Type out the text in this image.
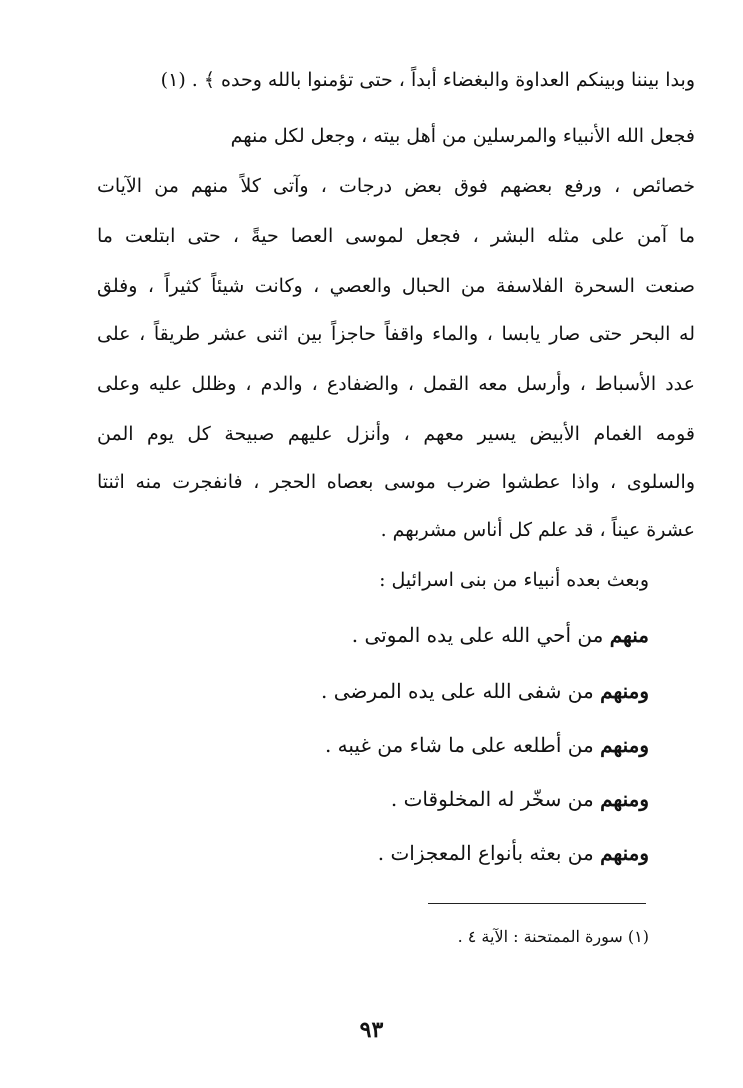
وبدا بيننا وبينكم العداوة والبغضاء أبداً ، حتى تؤمنوا بالله وحده ﴾ . (١)
فجعل الله الأنبياء والمرسلين من أهل بيته ، وجعل لكل منهم
خصائص ، ورفع بعضهم فوق بعض درجات ، وآتى كلاً منهم من الآيات
ما آمن على مثله البشر ، فجعل لموسى العصا حيةً ، حتى ابتلعت ما
صنعت السحرة الفلاسفة من الحبال والعصي ، وكانت شيئاً كثيراً ، وفلق
له البحر حتى صار يابسا ، والماء واقفاً حاجزاً بين اثنى عشر طريقاً ، على
عدد الأسباط ، وأرسل معه القمل ، والضفادع ، والدم ، وظلل عليه وعلى
قومه الغمام الأبيض يسير معهم ، وأنزل عليهم صبيحة كل يوم المن
والسلوى ، واذا عطشوا ضرب موسى بعصاه الحجر ، فانفجرت منه اثنتا
عشرة عيناً ، قد علم كل أناس مشربهم .
وبعث بعده أنبياء من بنى اسرائيل :
منهم من أحي الله على يده الموتى .
ومنهم من شفى الله على يده المرضى .
ومنهم من أطلعه على ما شاء من غيبه .
ومنهم من سخّر له المخلوقات .
ومنهم من بعثه بأنواع المعجزات .
(١) سورة الممتحنة : الآية ٤ .
٩٣
